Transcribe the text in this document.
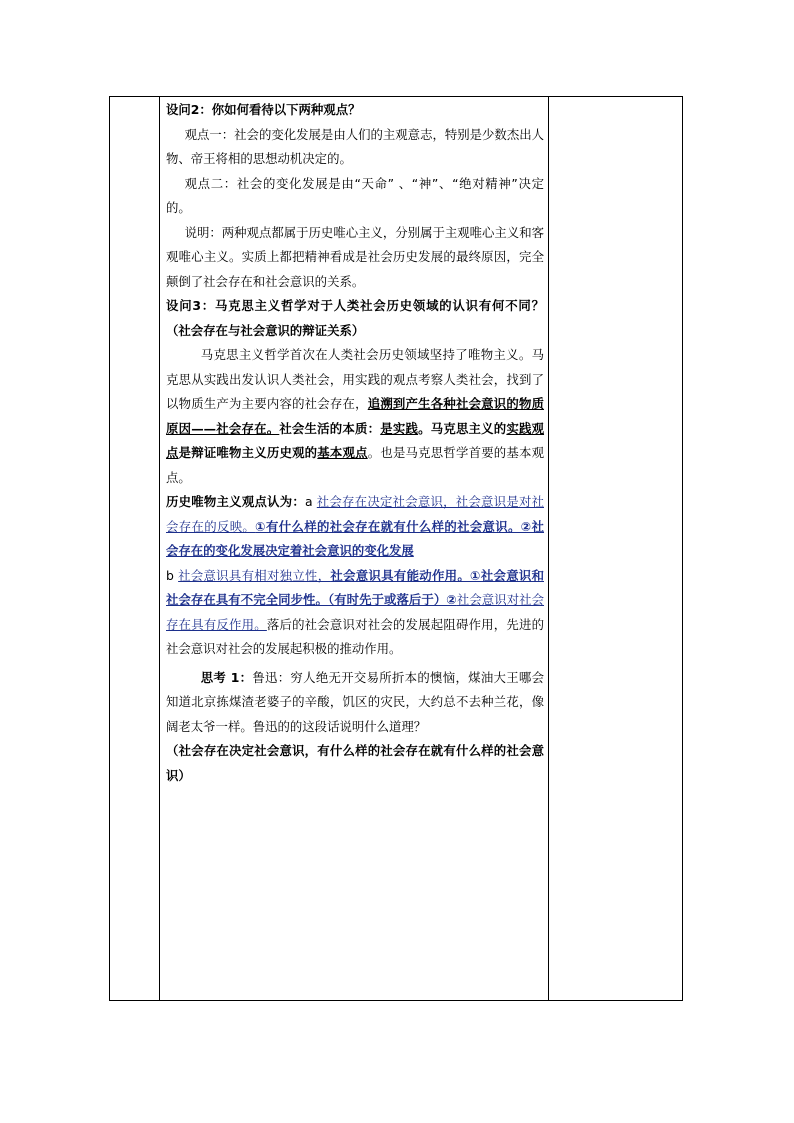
设问2：你如何看待以下两种观点？

观点一：社会的变化发展是由人们的主观意志，特别是少数杰出人物、帝王将相的思想动机决定的。

观点二：社会的变化发展是由“天命” 、“神”、“绝对精神”决定的。

说明：两种观点都属于历史唯心主义，分别属于主观唯心主义和客观唯心主义。实质上都把精神看成是社会历史发展的最终原因，完全颠倒了社会存在和社会意识的关系。

设问3：马克思主义哲学对于人类社会历史领域的认识有何不同？（社会存在与社会意识的辩证关系）

马克思主义哲学首次在人类社会历史领域坚持了唯物主义。马克思从实践出发认识人类社会，用实践的观点考察人类社会，找到了以物质生产为主要内容的社会存在，追溯到产生各种社会意识的物质原因——社会存在。社会生活的本质：是实践。马克思主义的实践观点是辩证唯物主义历史观的基本观点。也是马克思哲学首要的基本观点。

历史唯物主义观点认为：a 社会存在决定社会意识，社会意识是对社会存在的反映。①有什么样的社会存在就有什么样的社会意识。②社会存在的变化发展决定着社会意识的变化发展

b 社会意识具有相对独立性，社会意识具有能动作用。①社会意识和社会存在具有不完全同步性。（有时先于或落后于）②社会意识对社会存在具有反作用。落后的社会意识对社会的发展起阻碍作用，先进的社会意识对社会的发展起积极的推动作用。

思考 1：鲁迅：穷人绝无开交易所折本的懊恼，煤油大王哪会知道北京拣煤渣老婆子的辛酸，饥区的灾民，大约总不去种兰花，像阔老太爷一样。鲁迅的的这段话说明什么道理？

（社会存在决定社会意识，有什么样的社会存在就有什么样的社会意识）
